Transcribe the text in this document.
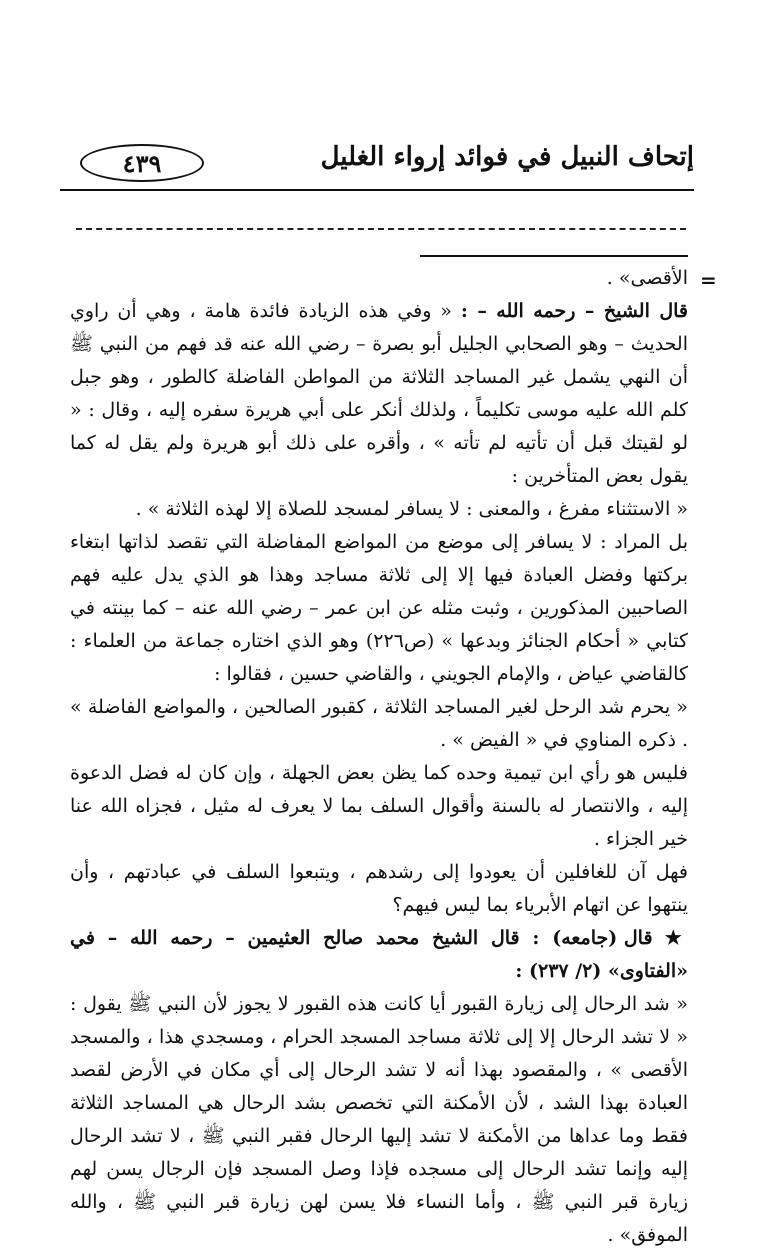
٤٣٩	إتحاف النبيل في فوائد إرواء الغليل
=

الأقصى» .

قال الشيخ – رحمه الله – : « وفي هذه الزيادة فائدة هامة ، وهي أن راوي الحديث – وهو الصحابي الجليل أبو بصرة – رضي الله عنه قد فهم من النبي ﷺ أن النهي يشمل غير المساجد الثلاثة من المواطن الفاضلة كالطور ، وهو جبل كلم الله عليه موسى تكليماً ، ولذلك أنكر على أبي هريرة سفره إليه ، وقال : « لو لقيتك قبل أن تأتيه لم تأته » ، وأقره على ذلك أبو هريرة ولم يقل له كما يقول بعض المتأخرين :

« الاستثناء مفرغ ، والمعنى : لا يسافر لمسجد للصلاة إلا لهذه الثلاثة » .

بل المراد : لا يسافر إلى موضع من المواضع المفاضلة التي تقصد لذاتها ابتغاء بركتها وفضل العبادة فيها إلا إلى ثلاثة مساجد وهذا هو الذي يدل عليه فهم الصاحبين المذكورين ، وثبت مثله عن ابن عمر – رضي الله عنه – كما بينته في كتابي « أحكام الجنائز وبدعها » (ص٢٢٦) وهو الذي اختاره جماعة من العلماء : كالقاضي عياض ، والإمام الجويني ، والقاضي حسين ، فقالوا :

« يحرم شد الرحل لغير المساجد الثلاثة ، كقبور الصالحين ، والمواضع الفاضلة » . ذكره المناوي في « الفيض » .

فليس هو رأي ابن تيمية وحده كما يظن بعض الجهلة ، وإن كان له فضل الدعوة إليه ، والانتصار له بالسنة وأقوال السلف بما لا يعرف له مثيل ، فجزاه الله عنا خير الجزاء .

فهل آن للغافلين أن يعودوا إلى رشدهم ، ويتبعوا السلف في عبادتهم ، وأن ينتهوا عن اتهام الأبرياء بما ليس فيهم؟

★ قال (جامعه) : قال الشيخ محمد صالح العثيمين – رحمه الله – في «الفتاوى» (٢/ ٢٣٧) :

« شد الرحال إلى زيارة القبور أيا كانت هذه القبور لا يجوز لأن النبي ﷺ يقول : « لا تشد الرحال إلا إلى ثلاثة مساجد المسجد الحرام ، ومسجدي هذا ، والمسجد الأقصى » ، والمقصود بهذا أنه لا تشد الرحال إلى أي مكان في الأرض لقصد العبادة بهذا الشد ، لأن الأمكنة التي تخصص بشد الرحال هي المساجد الثلاثة فقط وما عداها من الأمكنة لا تشد إليها الرحال فقبر النبي ﷺ ، لا تشد الرحال إليه وإنما تشد الرحال إلى مسجده فإذا وصل المسجد فإن الرجال يسن لهم زيارة قبر النبي ﷺ ، وأما النساء فلا يسن لهن زيارة قبر النبي ﷺ ، والله الموفق» .
